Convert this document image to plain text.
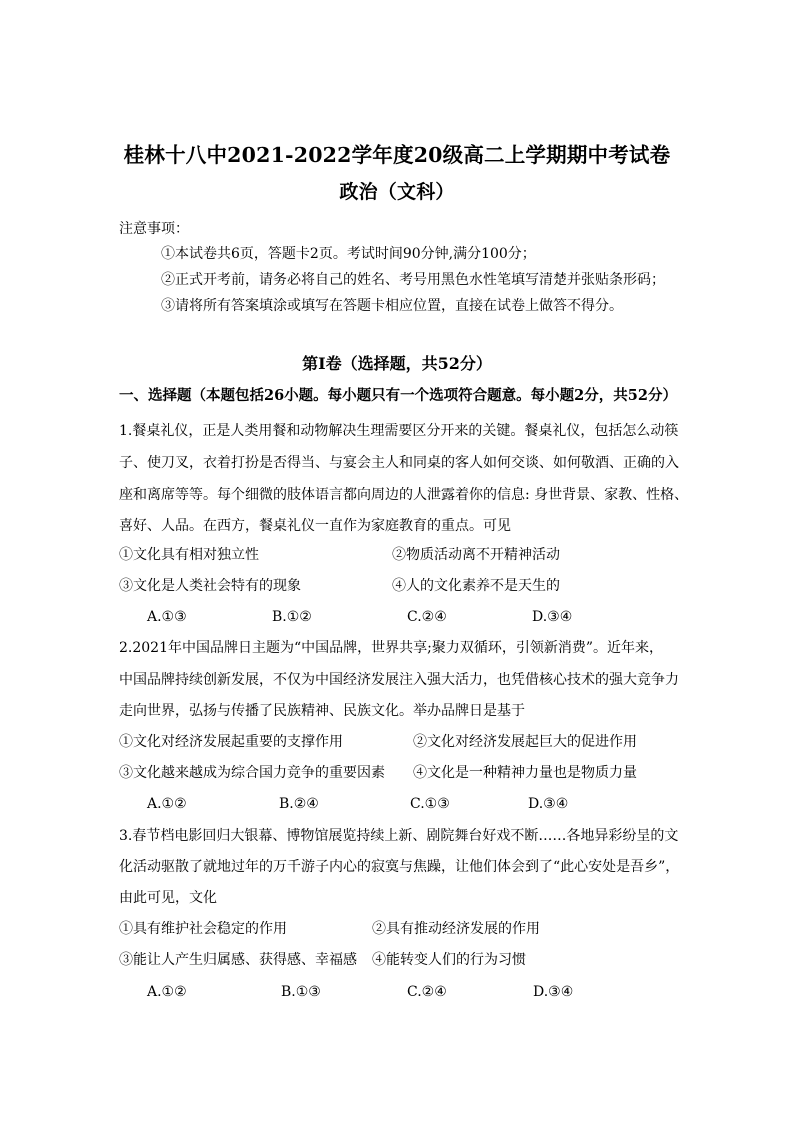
桂林十八中2021-2022学年度20级高二上学期期中考试卷
政治（文科）
注意事项：
①本试卷共6页，答题卡2页。考试时间90分钟,满分100分；
②正式开考前，请务必将自己的姓名、考号用黑色水性笔填写清楚并张贴条形码；
③请将所有答案填涂或填写在答题卡相应位置，直接在试卷上做答不得分。
第Ⅰ卷（选择题，共52分）
一、选择题（本题包括26小题。每小题只有一个选项符合题意。每小题2分，共52分）
1.餐桌礼仪，正是人类用餐和动物解决生理需要区分开来的关键。餐桌礼仪，包括怎么动筷
子、使刀叉，衣着打扮是否得当、与宴会主人和同桌的客人如何交谈、如何敬酒、正确的入
座和离席等等。每个细微的肢体语言都向周边的人泄露着你的信息: 身世背景、家教、性格、
喜好、人品。在西方，餐桌礼仪一直作为家庭教育的重点。可见
①文化具有相对独立性	②物质活动离不开精神活动
③文化是人类社会特有的现象	④人的文化素养不是天生的
A.①③	B.①②	C.②④	D.③④
2.2021年中国品牌日主题为“中国品牌，世界共享;聚力双循环，引领新消费”。近年来，
中国品牌持续创新发展，不仅为中国经济发展注入强大活力，也凭借核心技术的强大竞争力
走向世界，弘扬与传播了民族精神、民族文化。举办品牌日是基于
①文化对经济发展起重要的支撑作用	②文化对经济发展起巨大的促进作用
③文化越来越成为综合国力竞争的重要因素 ④文化是一种精神力量也是物质力量
A.①②	B.②④	C.①③	D.③④
3.春节档电影回归大银幕、博物馆展览持续上新、剧院舞台好戏不断……各地异彩纷呈的文
化活动驱散了就地过年的万千游子内心的寂寞与焦躁，让他们体会到了“此心安处是吾乡”，
由此可见，文化
①具有维护社会稳定的作用	②具有推动经济发展的作用
③能让人产生归属感、获得感、幸福感 ④能转变人们的行为习惯
A.①②	B.①③	C.②④	D.③④
